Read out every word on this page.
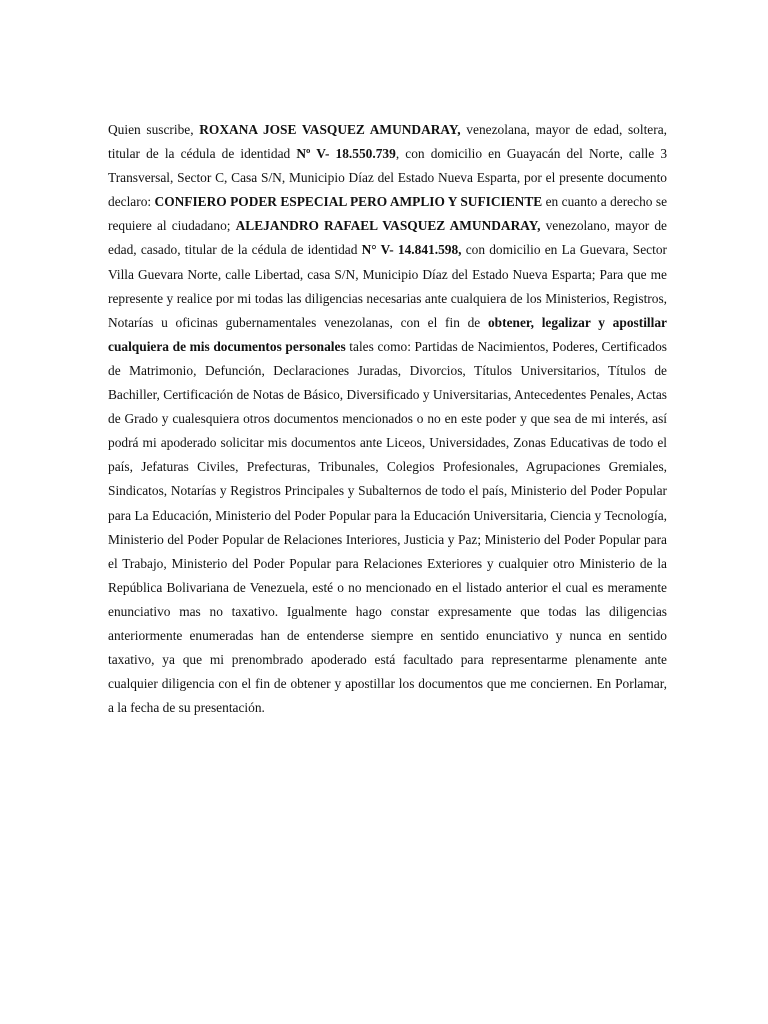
Quien suscribe, ROXANA JOSE VASQUEZ AMUNDARAY, venezolana, mayor de edad, soltera, titular de la cédula de identidad Nº V- 18.550.739, con domicilio en Guayacán del Norte, calle 3 Transversal, Sector C, Casa S/N, Municipio Díaz del Estado Nueva Esparta, por el presente documento declaro: CONFIERO PODER ESPECIAL PERO AMPLIO Y SUFICIENTE en cuanto a derecho se requiere al ciudadano; ALEJANDRO RAFAEL VASQUEZ AMUNDARAY, venezolano, mayor de edad, casado, titular de la cédula de identidad N° V- 14.841.598, con domicilio en La Guevara, Sector Villa Guevara Norte, calle Libertad, casa S/N, Municipio Díaz del Estado Nueva Esparta; Para que me represente y realice por mi todas las diligencias necesarias ante cualquiera de los Ministerios, Registros, Notarías u oficinas gubernamentales venezolanas, con el fin de obtener, legalizar y apostillar cualquiera de mis documentos personales tales como: Partidas de Nacimientos, Poderes, Certificados de Matrimonio, Defunción, Declaraciones Juradas, Divorcios, Títulos Universitarios, Títulos de Bachiller, Certificación de Notas de Básico, Diversificado y Universitarias, Antecedentes Penales, Actas de Grado y cualesquiera otros documentos mencionados o no en este poder y que sea de mi interés, así podrá mi apoderado solicitar mis documentos ante Liceos, Universidades, Zonas Educativas de todo el país, Jefaturas Civiles, Prefecturas, Tribunales, Colegios Profesionales, Agrupaciones Gremiales, Sindicatos, Notarías y Registros Principales y Subalternos de todo el país, Ministerio del Poder Popular para La Educación, Ministerio del Poder Popular para la Educación Universitaria, Ciencia y Tecnología, Ministerio del Poder Popular de Relaciones Interiores, Justicia y Paz; Ministerio del Poder Popular para el Trabajo, Ministerio del Poder Popular para Relaciones Exteriores y cualquier otro Ministerio de la República Bolivariana de Venezuela, esté o no mencionado en el listado anterior el cual es meramente enunciativo mas no taxativo. Igualmente hago constar expresamente que todas las diligencias anteriormente enumeradas han de entenderse siempre en sentido enunciativo y nunca en sentido taxativo, ya que mi prenombrado apoderado está facultado para representarme plenamente ante cualquier diligencia con el fin de obtener y apostillar los documentos que me conciernen. En Porlamar, a la fecha de su presentación.
